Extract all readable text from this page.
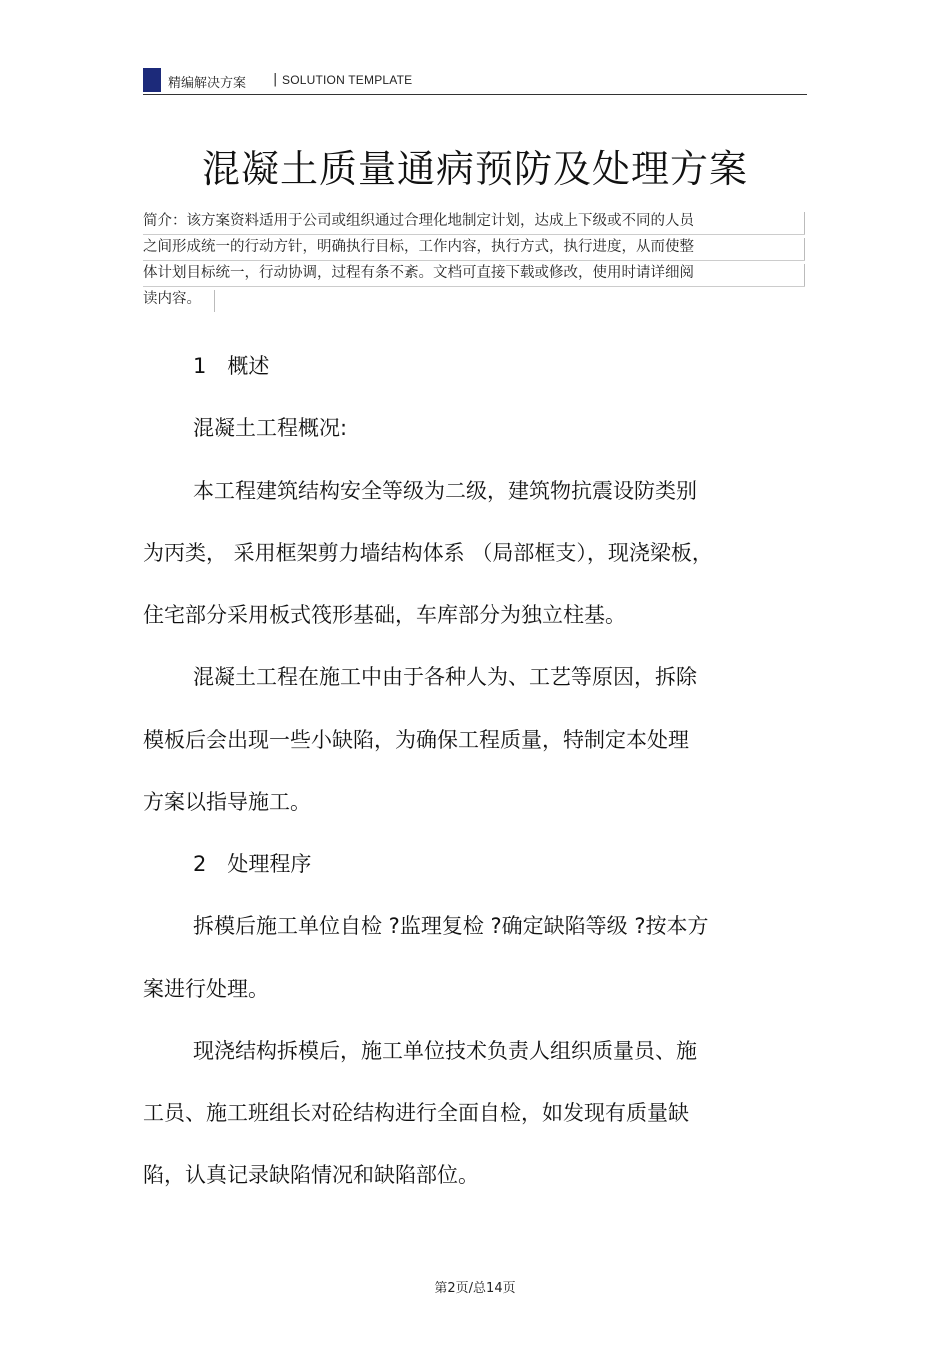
精编解决方案 | SOLUTION TEMPLATE
混凝土质量通病预防及处理方案
简介：该方案资料适用于公司或组织通过合理化地制定计划，达成上下级或不同的人员
之间形成统一的行动方针，明确执行目标，工作内容，执行方式，执行进度，从而使整
体计划目标统一，行动协调，过程有条不紊。文档可直接下载或修改，使用时请详细阅
读内容。
1　概述
混凝土工程概况:
本工程建筑结构安全等级为二级，建筑物抗震设防类别
为丙类， 采用框架剪力墙结构体系 （局部框支），现浇梁板，
住宅部分采用板式筏形基础，车库部分为独立柱基。
混凝土工程在施工中由于各种人为、工艺等原因，拆除
模板后会出现一些小缺陷，为确保工程质量，特制定本处理
方案以指导施工。
2　处理程序
拆模后施工单位自检 ?监理复检 ?确定缺陷等级 ?按本方
案进行处理。
现浇结构拆模后，施工单位技术负责人组织质量员、施
工员、施工班组长对砼结构进行全面自检，如发现有质量缺
陷，认真记录缺陷情况和缺陷部位。
第2页/总14页
